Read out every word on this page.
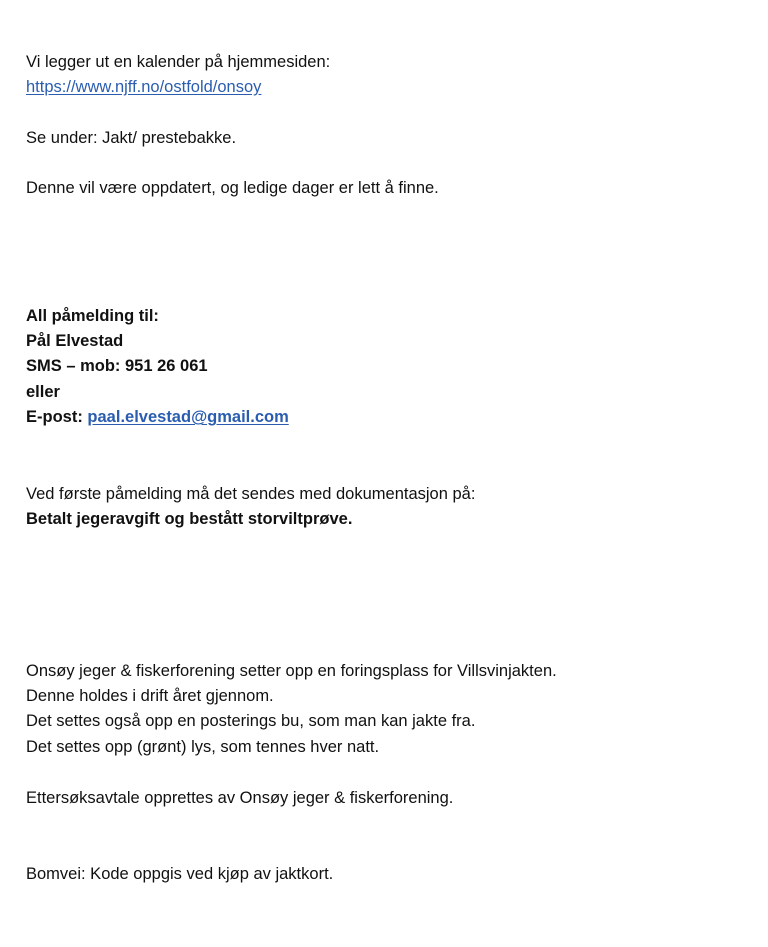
Vi legger ut en kalender på hjemmesiden:
https://www.njff.no/ostfold/onsoy
Se under: Jakt/ prestebakke.
Denne vil være oppdatert, og ledige dager er lett å finne.
All påmelding til:
Pål Elvestad
SMS – mob: 951 26 061
eller
E-post: paal.elvestad@gmail.com
Ved første påmelding må det sendes med dokumentasjon på:
Betalt jegeravgift og bestått storviltprøve.
Onsøy jeger & fiskerforening setter opp en foringsplass for Villsvinjakten.
Denne holdes i drift året gjennom.
Det settes også opp en posterings bu, som man kan jakte fra.
Det settes opp (grønt) lys, som tennes hver natt.
Ettersøksavtale opprettes av Onsøy jeger & fiskerforening.
Bomvei: Kode oppgis ved kjøp av jaktkort.
